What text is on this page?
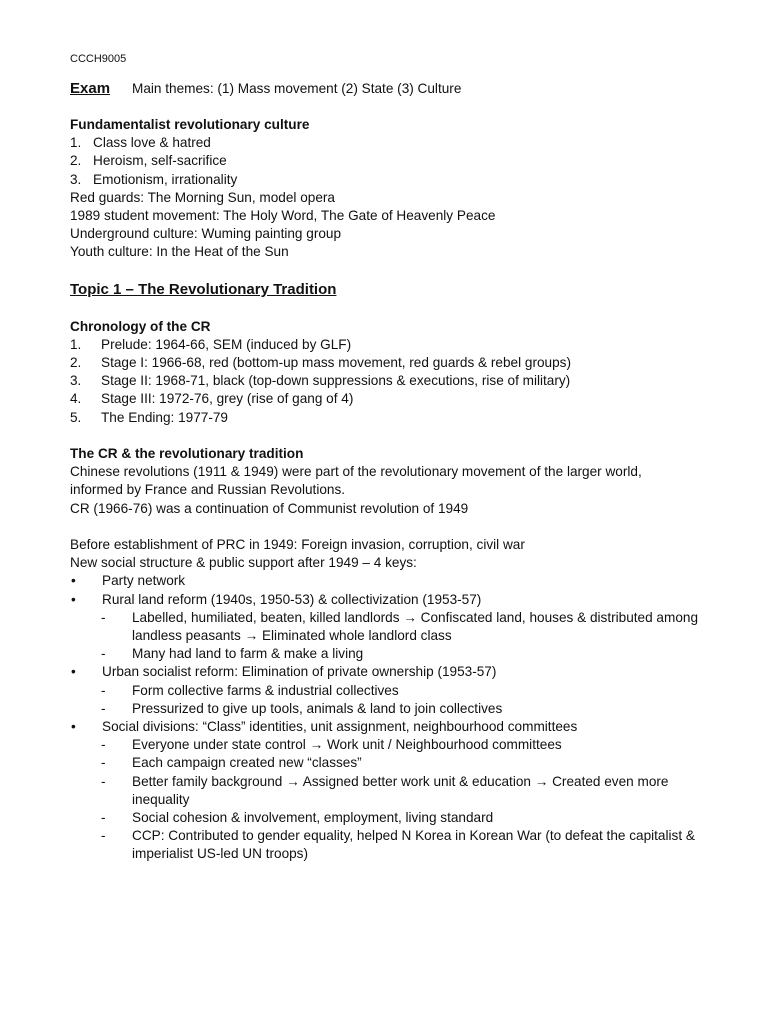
CCCH9005
Exam Main themes: (1) Mass movement (2) State (3) Culture
Fundamentalist revolutionary culture
1. Class love & hatred
2. Heroism, self-sacrifice
3. Emotionism, irrationality
Red guards: The Morning Sun, model opera
1989 student movement: The Holy Word, The Gate of Heavenly Peace
Underground culture: Wuming painting group
Youth culture: In the Heat of the Sun
Topic 1 – The Revolutionary Tradition
Chronology of the CR
1.	Prelude: 1964-66, SEM (induced by GLF)
2.	Stage I: 1966-68, red (bottom-up mass movement, red guards & rebel groups)
3.	Stage II: 1968-71, black (top-down suppressions & executions, rise of military)
4.	Stage III: 1972-76, grey (rise of gang of 4)
5.	The Ending: 1977-79
The CR & the revolutionary tradition
Chinese revolutions (1911 & 1949) were part of the revolutionary movement of the larger world,
informed by France and Russian Revolutions.
CR (1966-76) was a continuation of Communist revolution of 1949
Before establishment of PRC in 1949: Foreign invasion, corruption, civil war
New social structure & public support after 1949 – 4 keys:
•	Party network
•	Rural land reform (1940s, 1950-53) & collectivization (1953-57)
-	Labelled, humiliated, beaten, killed landlords → Confiscated land, houses & distributed among landless peasants → Eliminated whole landlord class
-	Many had land to farm & make a living
•	Urban socialist reform: Elimination of private ownership (1953-57)
-	Form collective farms & industrial collectives
-	Pressurized to give up tools, animals & land to join collectives
•	Social divisions: “Class” identities, unit assignment, neighbourhood committees
-	Everyone under state control → Work unit / Neighbourhood committees
-	Each campaign created new “classes”
-	Better family background → Assigned better work unit & education → Created even more inequality
-	Social cohesion & involvement, employment, living standard
-	CCP: Contributed to gender equality, helped N Korea in Korean War (to defeat the capitalist & imperialist US-led UN troops)
